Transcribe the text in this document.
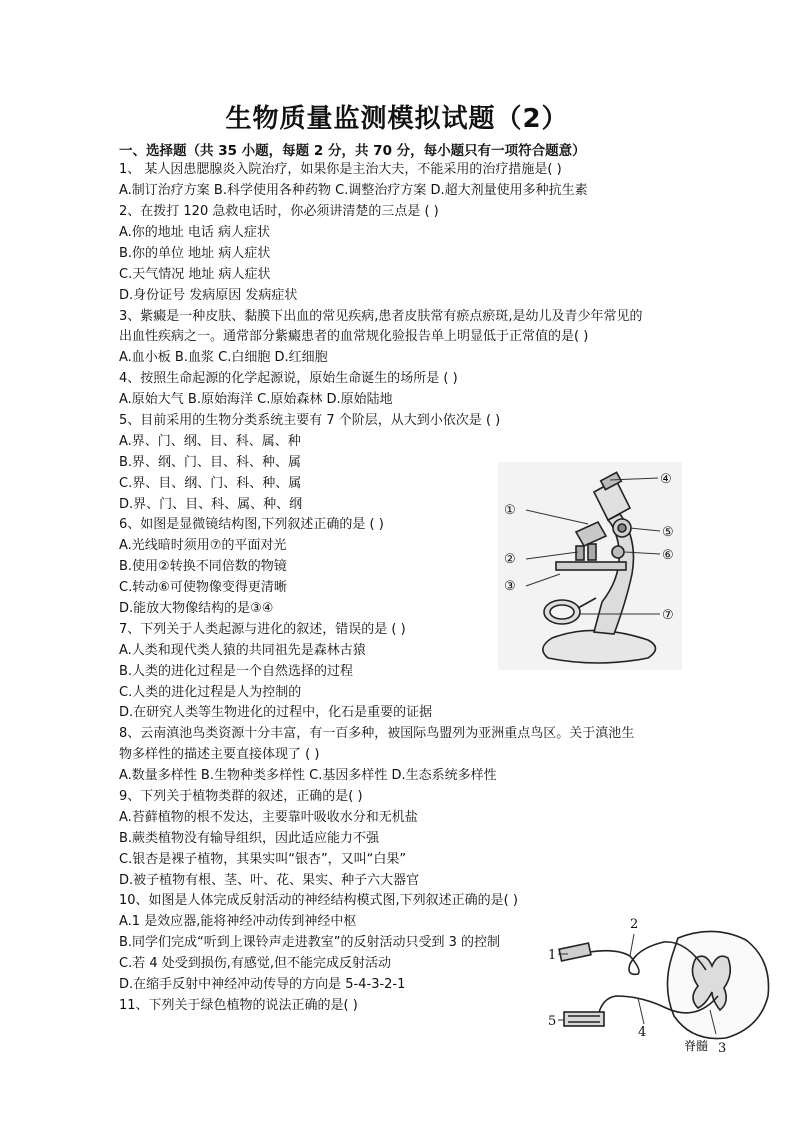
生物质量监测模拟试题（2）
一、选择题（共 35 小题，每题 2 分，共 70 分，每小题只有一项符合题意）
1、 某人因患腮腺炎入院治疗，如果你是主治大夫，不能采用的治疗措施是( )
A.制订治疗方案 B.科学使用各种药物 C.调整治疗方案 D.超大剂量使用多种抗生素
2、在拨打 120 急救电话时，你必须讲清楚的三点是 ( )
A.你的地址 电话 病人症状
B.你的单位 地址 病人症状
C.天气情况 地址 病人症状
D.身份证号 发病原因 发病症状
3、紫癜是一种皮肤、黏膜下出血的常见疾病,患者皮肤常有瘀点瘀斑,是幼儿及青少年常见的
出血性疾病之一。通常部分紫癜患者的血常规化验报告单上明显低于正常值的是( )
A.血小板 B.血浆 C.白细胞 D.红细胞
4、按照生命起源的化学起源说，原始生命诞生的场所是 ( )
A.原始大气 B.原始海洋 C.原始森林 D.原始陆地
5、目前采用的生物分类系统主要有 7 个阶层，从大到小依次是 ( )
A.界、门、纲、目、科、属、种
B.界、纲、门、目、科、种、属
C.界、目、纲、门、科、种、属
D.界、门、目、科、属、种、纲
6、如图是显微镜结构图,下列叙述正确的是 ( )
A.光线暗时须用⑦的平面对光
B.使用②转换不同倍数的物镜
C.转动⑥可使物像变得更清晰
D.能放大物像结构的是③④
7、下列关于人类起源与进化的叙述，错误的是 ( )
A.人类和现代类人猿的共同祖先是森林古猿
B.人类的进化过程是一个自然选择的过程
C.人类的进化过程是人为控制的
D.在研究人类等生物进化的过程中，化石是重要的证据
8、云南滇池鸟类资源十分丰富，有一百多种，被国际鸟盟列为亚洲重点鸟区。关于滇池生
物多样性的描述主要直接体现了 ( )
A.数量多样性 B.生物种类多样性 C.基因多样性 D.生态系统多样性
9、下列关于植物类群的叙述，正确的是( )
A.苔藓植物的根不发达，主要靠叶吸收水分和无机盐
B.蕨类植物没有输导组织，因此适应能力不强
C.银杏是裸子植物，其果实叫“银杏”，又叫“白果”
D.被子植物有根、茎、叶、花、果实、种子六大器官
10、如图是人体完成反射活动的神经结构模式图,下列叙述正确的是( )
A.1 是效应器,能将神经冲动传到神经中枢
B.同学们完成“听到上课铃声走进教室”的反射活动只受到 3 的控制
C.若 4 处受到损伤,有感觉,但不能完成反射活动
D.在缩手反射中神经冲动传导的方向是 5-4-3-2-1
11、下列关于绿色植物的说法正确的是( )
①
②
③
④
⑤
⑥
⑦
1
2
3
4
5
脊髓
